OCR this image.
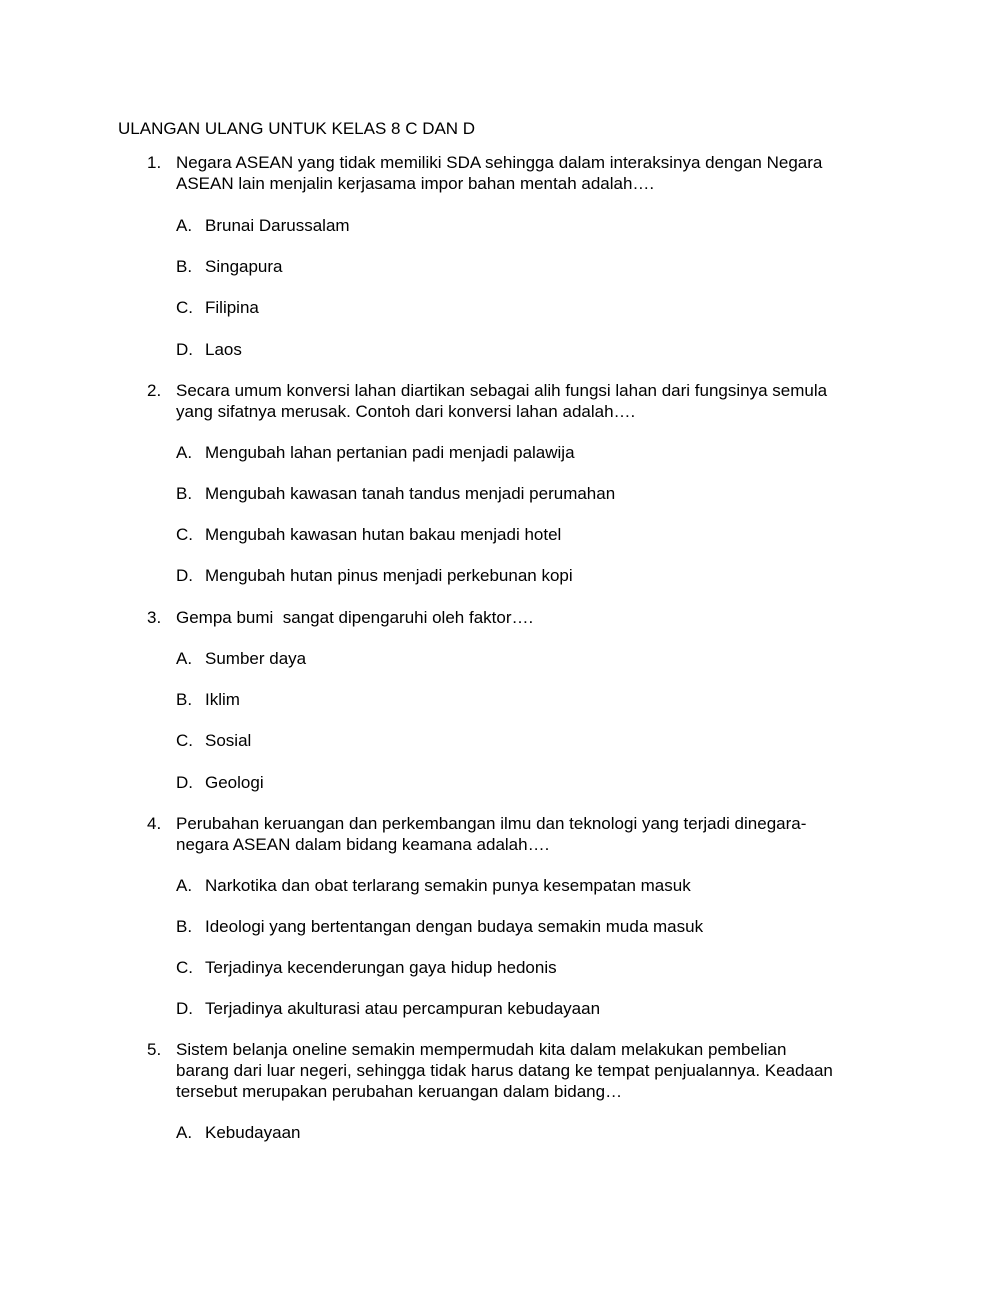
ULANGAN ULANG UNTUK KELAS 8 C DAN D
1. Negara ASEAN yang tidak memiliki SDA sehingga dalam interaksinya dengan Negara
ASEAN lain menjalin kerjasama impor bahan mentah adalah….
A. Brunai Darussalam
B. Singapura
C. Filipina
D. Laos
2. Secara umum konversi lahan diartikan sebagai alih fungsi lahan dari fungsinya semula
yang sifatnya merusak. Contoh dari konversi lahan adalah….
A. Mengubah lahan pertanian padi menjadi palawija
B. Mengubah kawasan tanah tandus menjadi perumahan
C. Mengubah kawasan hutan bakau menjadi hotel
D. Mengubah hutan pinus menjadi perkebunan kopi
3. Gempa bumi  sangat dipengaruhi oleh faktor….
A. Sumber daya
B. Iklim
C. Sosial
D. Geologi
4. Perubahan keruangan dan perkembangan ilmu dan teknologi yang terjadi dinegara-
negara ASEAN dalam bidang keamana adalah….
A. Narkotika dan obat terlarang semakin punya kesempatan masuk
B. Ideologi yang bertentangan dengan budaya semakin muda masuk
C. Terjadinya kecenderungan gaya hidup hedonis
D. Terjadinya akulturasi atau percampuran kebudayaan
5. Sistem belanja oneline semakin mempermudah kita dalam melakukan pembelian
barang dari luar negeri, sehingga tidak harus datang ke tempat penjualannya. Keadaan
tersebut merupakan perubahan keruangan dalam bidang…
A. Kebudayaan
